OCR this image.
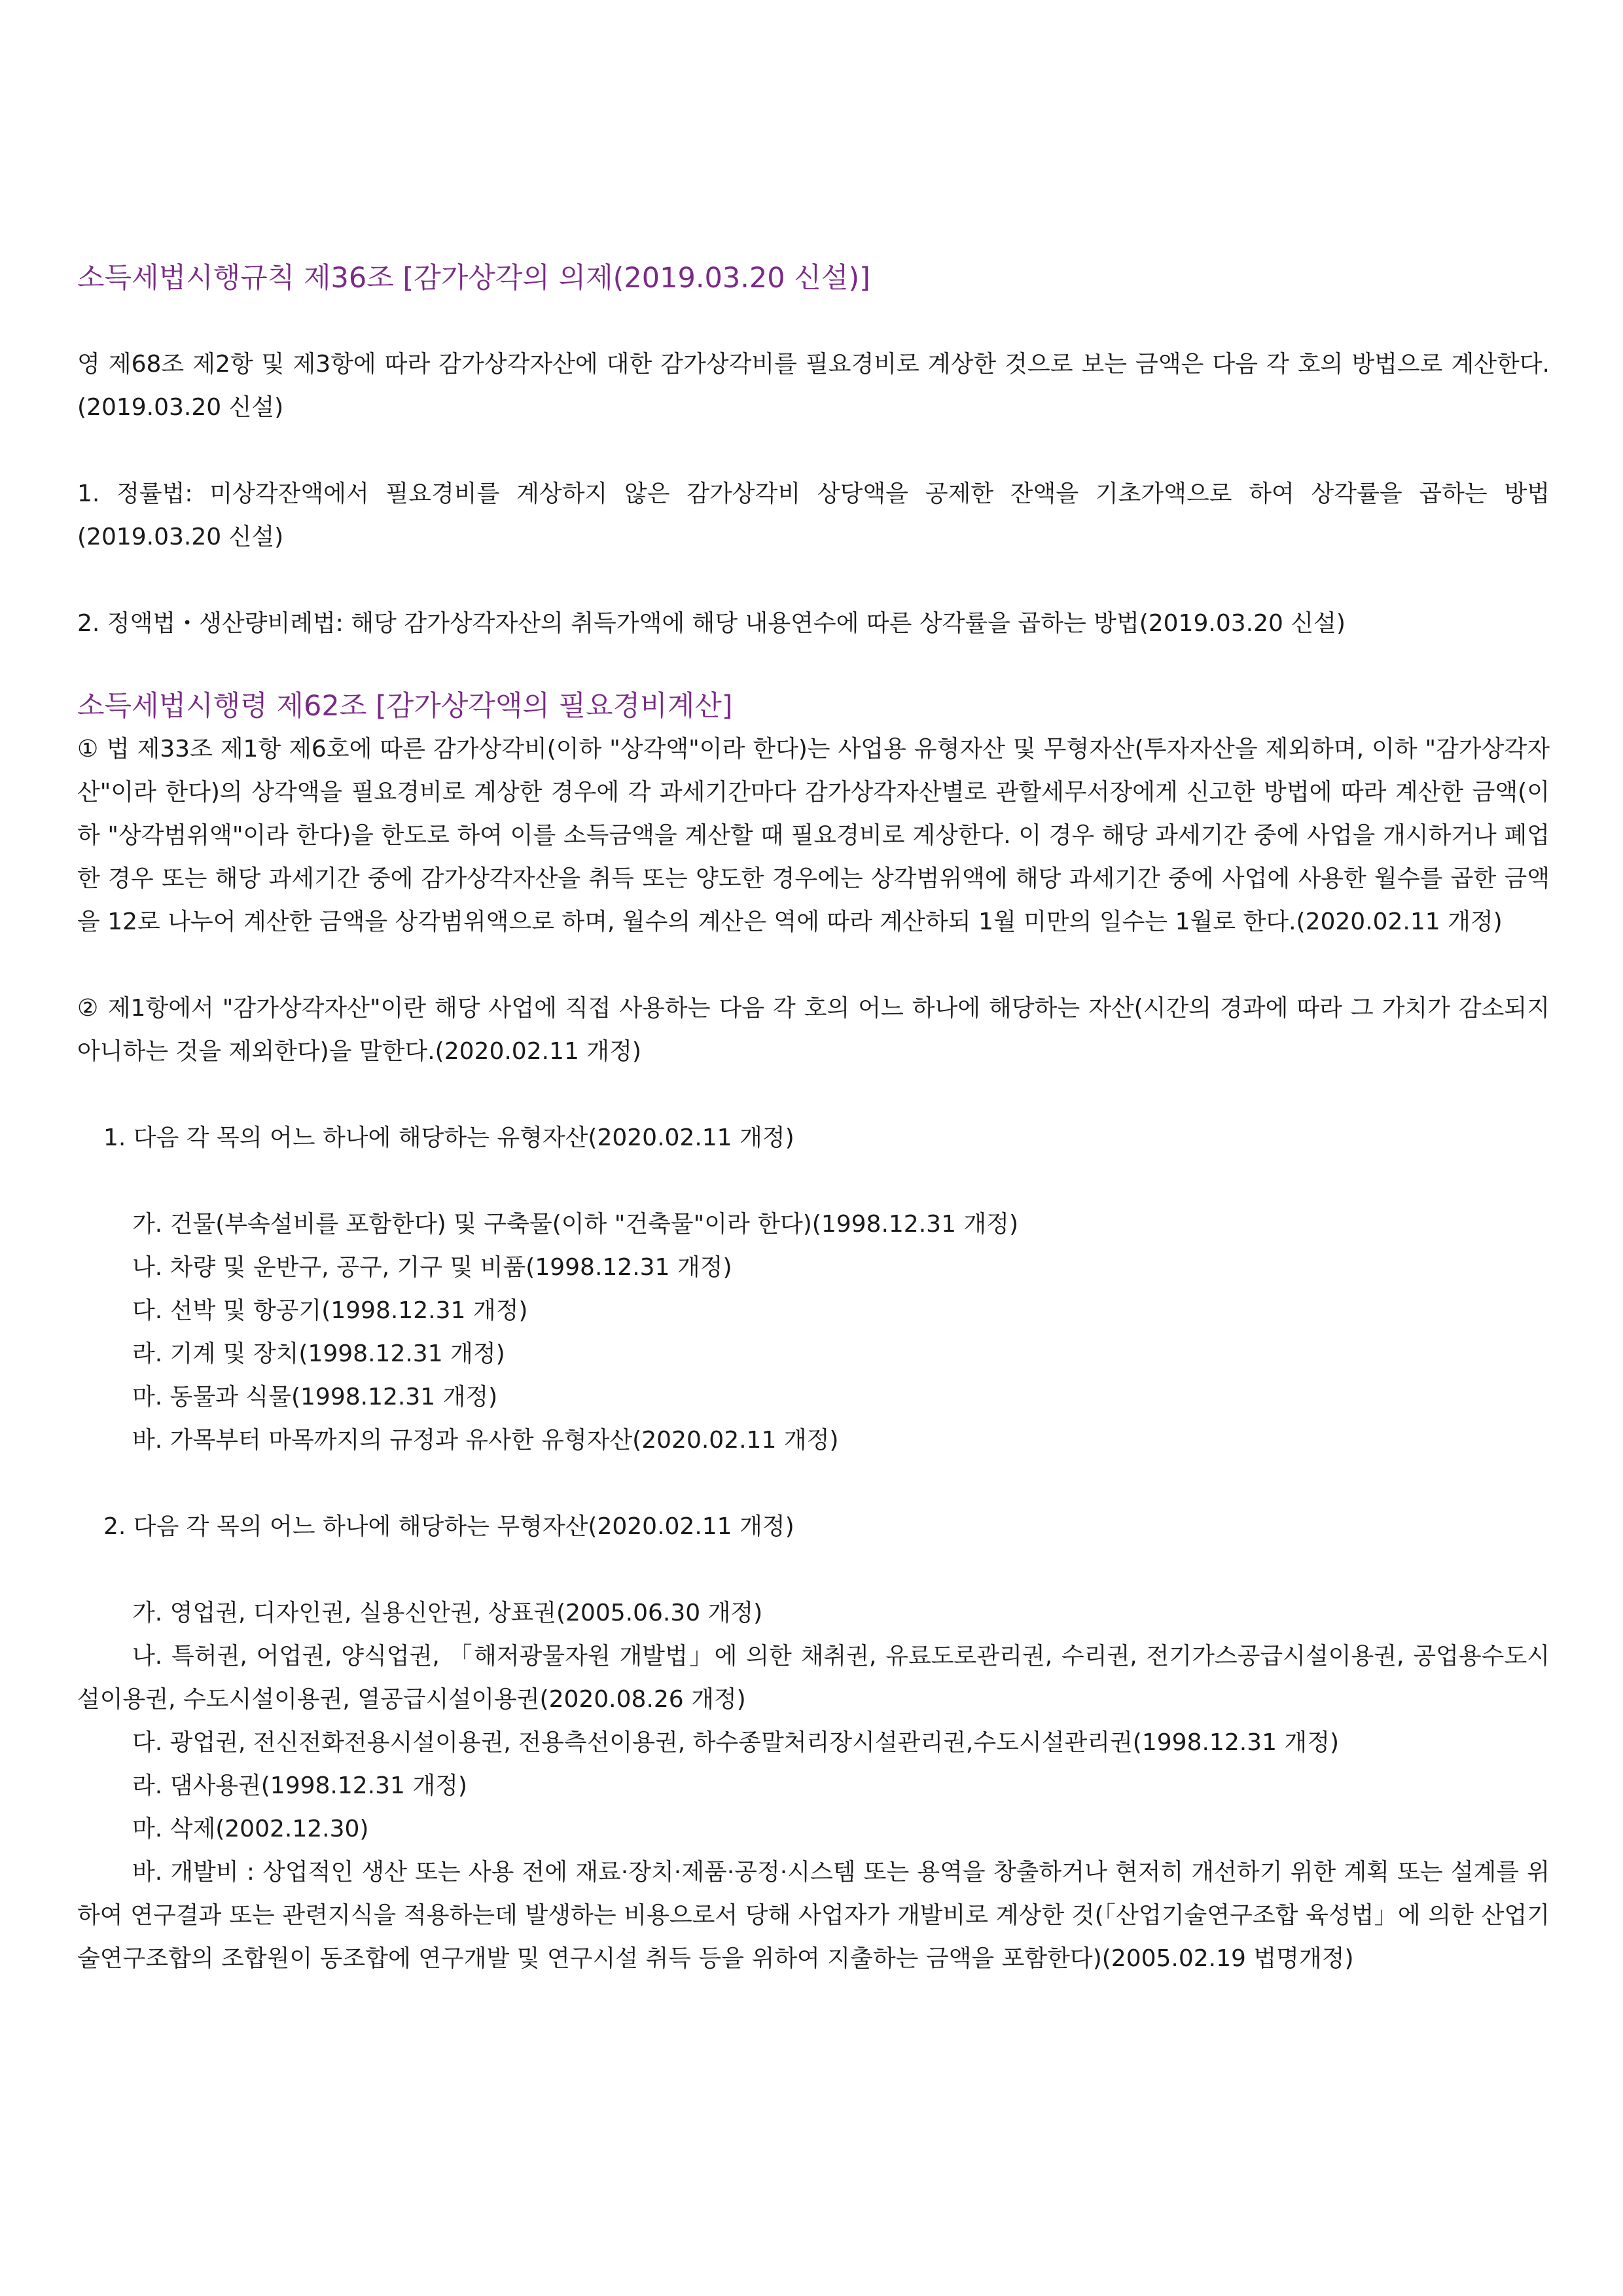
소득세법시행규칙 제36조 [감가상각의 의제(2019.03.20 신설)]

영 제68조 제2항 및 제3항에 따라 감가상각자산에 대한 감가상각비를 필요경비로 계상한 것으로 보는 금액은 다음 각 호의 방법으로 계산한다.(2019.03.20 신설)

1. 정률법: 미상각잔액에서 필요경비를 계상하지 않은 감가상각비 상당액을 공제한 잔액을 기초가액으로 하여 상각률을 곱하는 방법(2019.03.20 신설)

2. 정액법・생산량비례법: 해당 감가상각자산의 취득가액에 해당 내용연수에 따른 상각률을 곱하는 방법(2019.03.20 신설)

소득세법시행령 제62조 [감가상각액의 필요경비계산]

① 법 제33조 제1항 제6호에 따른 감가상각비(이하 "상각액"이라 한다)는 사업용 유형자산 및 무형자산(투자자산을 제외하며, 이하 "감가상각자산"이라 한다)의 상각액을 필요경비로 계상한 경우에 각 과세기간마다 감가상각자산별로 관할세무서장에게 신고한 방법에 따라 계산한 금액(이하 "상각범위액"이라 한다)을 한도로 하여 이를 소득금액을 계산할 때 필요경비로 계상한다. 이 경우 해당 과세기간 중에 사업을 개시하거나 폐업한 경우 또는 해당 과세기간 중에 감가상각자산을 취득 또는 양도한 경우에는 상각범위액에 해당 과세기간 중에 사업에 사용한 월수를 곱한 금액을 12로 나누어 계산한 금액을 상각범위액으로 하며, 월수의 계산은 역에 따라 계산하되 1월 미만의 일수는 1월로 한다.(2020.02.11 개정)

② 제1항에서 "감가상각자산"이란 해당 사업에 직접 사용하는 다음 각 호의 어느 하나에 해당하는 자산(시간의 경과에 따라 그 가치가 감소되지 아니하는 것을 제외한다)을 말한다.(2020.02.11 개정)

1. 다음 각 목의 어느 하나에 해당하는 유형자산(2020.02.11 개정)

가. 건물(부속설비를 포함한다) 및 구축물(이하 "건축물"이라 한다)(1998.12.31 개정)

나. 차량 및 운반구, 공구, 기구 및 비품(1998.12.31 개정)

다. 선박 및 항공기(1998.12.31 개정)

라. 기계 및 장치(1998.12.31 개정)

마. 동물과 식물(1998.12.31 개정)

바. 가목부터 마목까지의 규정과 유사한 유형자산(2020.02.11 개정)

2. 다음 각 목의 어느 하나에 해당하는 무형자산(2020.02.11 개정)

가. 영업권, 디자인권, 실용신안권, 상표권(2005.06.30 개정)

나. 특허권, 어업권, 양식업권, 「해저광물자원 개발법」에 의한 채취권, 유료도로관리권, 수리권, 전기가스공급시설이용권, 공업용수도시설이용권, 수도시설이용권, 열공급시설이용권(2020.08.26 개정)

다. 광업권, 전신전화전용시설이용권, 전용측선이용권, 하수종말처리장시설관리권,수도시설관리권(1998.12.31 개정)

라. 댐사용권(1998.12.31 개정)

마. 삭제(2002.12.30)

바. 개발비 : 상업적인 생산 또는 사용 전에 재료·장치·제품·공정·시스템 또는 용역을 창출하거나 현저히 개선하기 위한 계획 또는 설계를 위하여 연구결과 또는 관련지식을 적용하는데 발생하는 비용으로서 당해 사업자가 개발비로 계상한 것(「산업기술연구조합 육성법」에 의한 산업기술연구조합의 조합원이 동조합에 연구개발 및 연구시설 취득 등을 위하여 지출하는 금액을 포함한다)(2005.02.19 법명개정)
